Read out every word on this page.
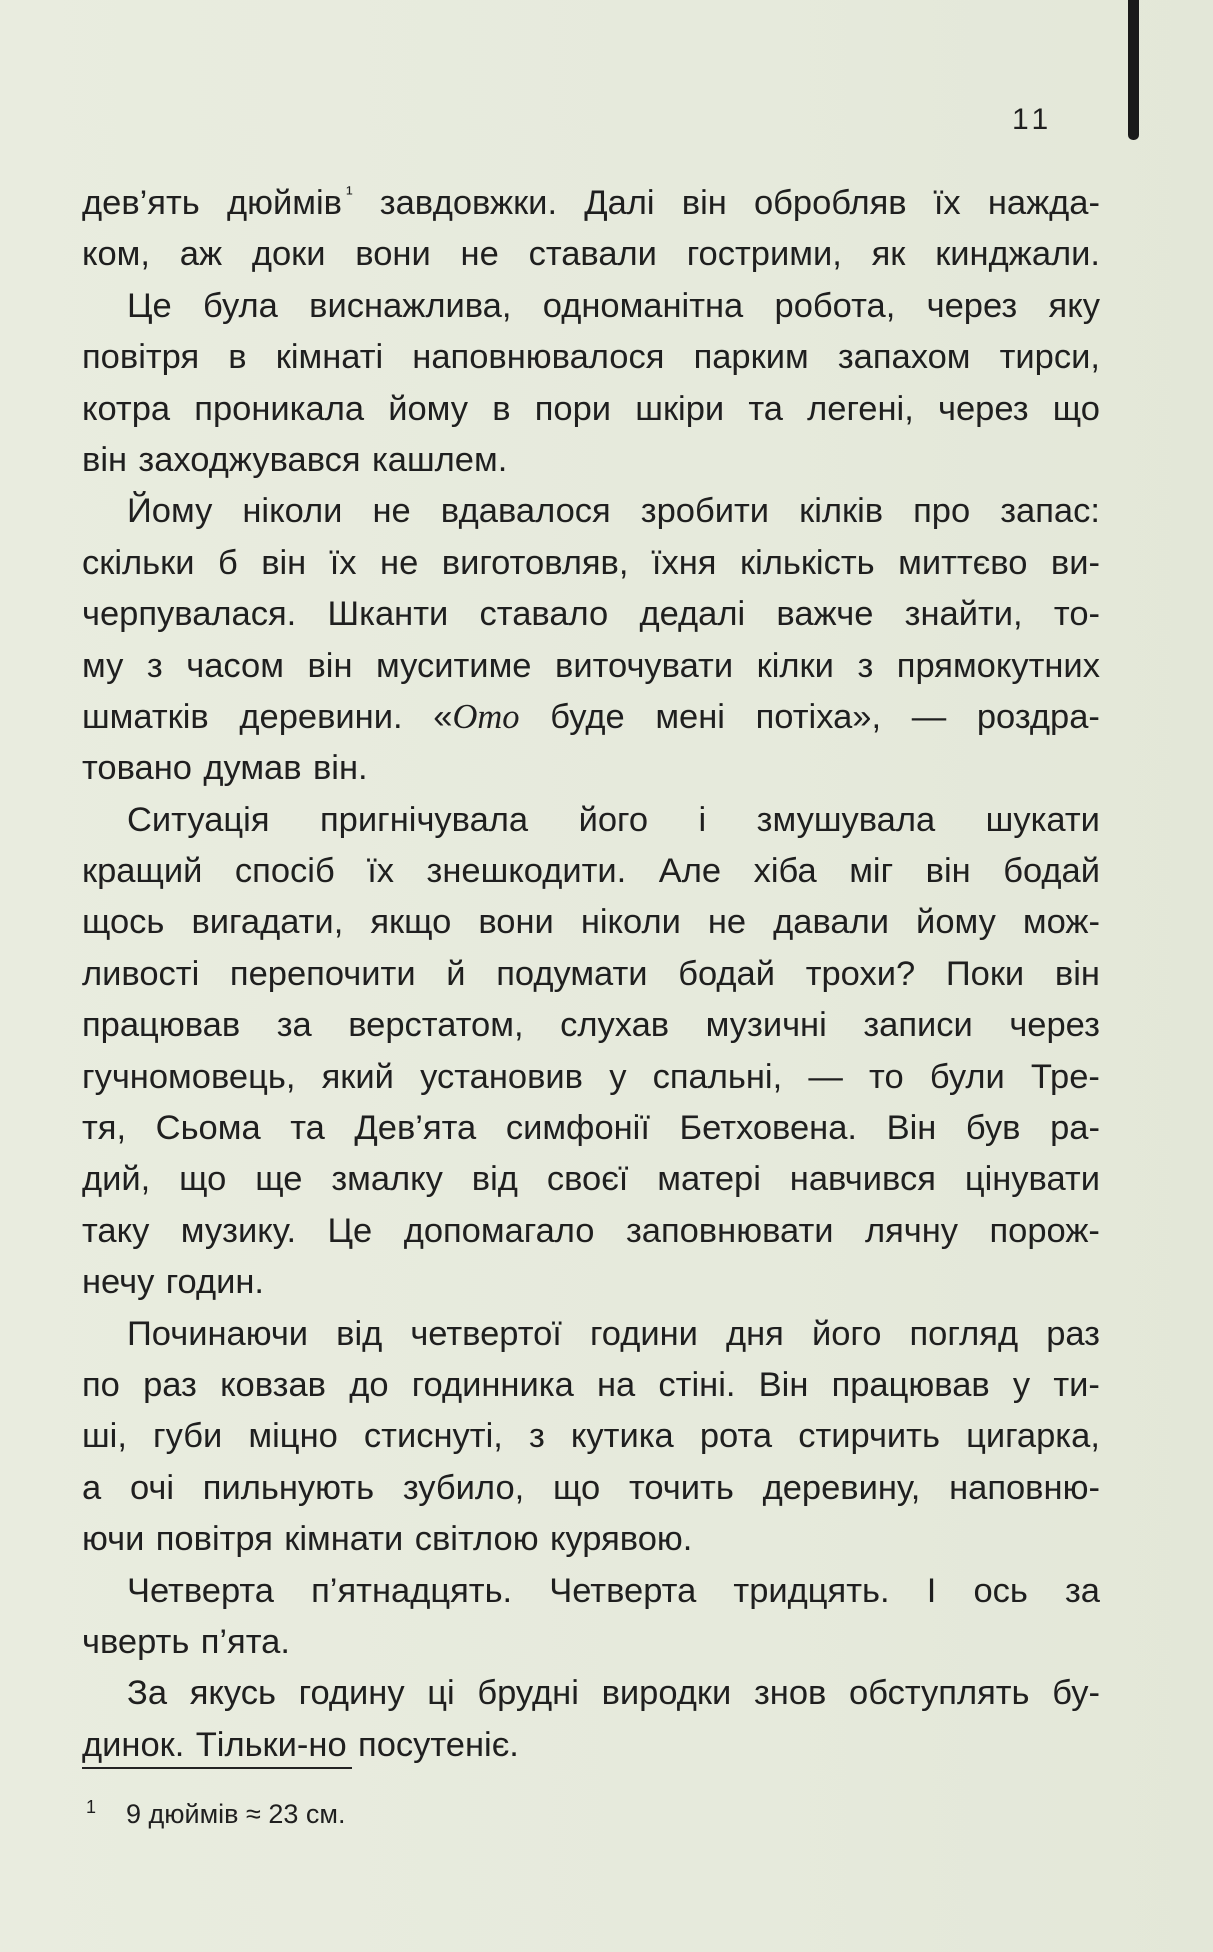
11
дев’ять дюймів $^{^1}$ завдовжки. Далі він обробляв їх нажда-
ком, аж доки вони не ставали гострими, як кинджали.
Це була виснажлива, одноманітна робота, через яку
повітря в кімнаті наповнювалося парким запахом тирси,
котра проникала йому в пори шкіри та легені, через що
він заходжувався кашлем.
Йому ніколи не вдавалося зробити кілків про запас:
скільки б він їх не виготовляв, їхня кількість миттєво ви-
черпувалася. Шканти ставало дедалі важче знайти, то-
му з часом він муситиме виточувати кілки з прямокутних
шматків деревини. «Ото буде мені потіха», — роздра-
товано думав він.
Ситуація пригнічувала його і змушувала шукати
кращий спосіб їх знешкодити. Але хіба міг він бодай
щось вигадати, якщо вони ніколи не давали йому мож-
ливості перепочити й подумати бодай трохи? Поки він
працював за верстатом, слухав музичні записи через
гучномовець, який установив у спальні, — то були Тре-
тя, Сьома та Дев’ята симфонії Бетховена. Він був ра-
дий, що ще змалку від своєї матері навчився цінувати
таку музику. Це допомагало заповнювати лячну порож-
нечу годин.
Починаючи від четвертої години дня його погляд раз
по раз ковзав до годинника на стіні. Він працював у ти-
ші, губи міцно стиснуті, з кутика рота стирчить цигарка,
а очі пильнують зубило, що точить деревину, наповню-
ючи повітря кімнати світлою курявою.
Четверта п’ятнадцять. Четверта тридцять. І ось за
чверть п’ята.
За якусь годину ці брудні виродки знов обступлять бу-
динок. Тільки-но посутеніє.
$^1$ 9 дюймів ≈ 23 см.
